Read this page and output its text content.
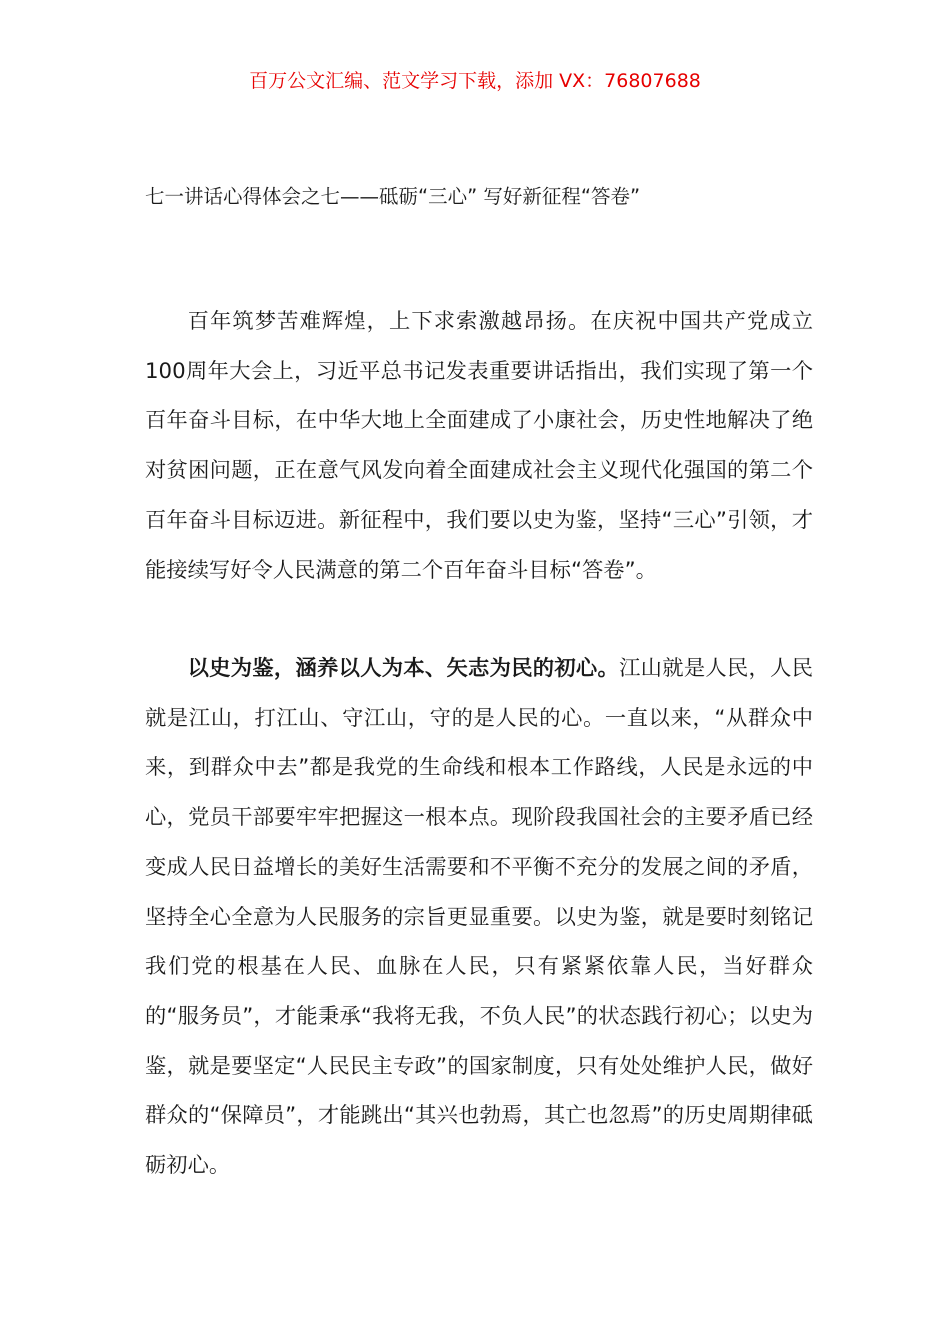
百万公文汇编、范文学习下载，添加 VX：76807688
七一讲话心得体会之七——砥砺“三心” 写好新征程“答卷”

百年筑梦苦难辉煌，上下求索激越昂扬。在庆祝中国共产党成立100周年大会上，习近平总书记发表重要讲话指出，我们实现了第一个百年奋斗目标，在中华大地上全面建成了小康社会，历史性地解决了绝对贫困问题，正在意气风发向着全面建成社会主义现代化强国的第二个百年奋斗目标迈进。新征程中，我们要以史为鉴，坚持“三心”引领，才能接续写好令人民满意的第二个百年奋斗目标“答卷”。

以史为鉴，涵养以人为本、矢志为民的初心。江山就是人民，人民就是江山，打江山、守江山，守的是人民的心。一直以来，“从群众中来，到群众中去”都是我党的生命线和根本工作路线，人民是永远的中心，党员干部要牢牢把握这一根本点。现阶段我国社会的主要矛盾已经变成人民日益增长的美好生活需要和不平衡不充分的发展之间的矛盾，坚持全心全意为人民服务的宗旨更显重要。以史为鉴，就是要时刻铭记我们党的根基在人民、血脉在人民，只有紧紧依靠人民，当好群众的“服务员”，才能秉承“我将无我，不负人民”的状态践行初心；以史为鉴，就是要坚定“人民民主专政”的国家制度，只有处处维护人民，做好群众的“保障员”，才能跳出“其兴也勃焉，其亡也忽焉”的历史周期律砥砺初心。
